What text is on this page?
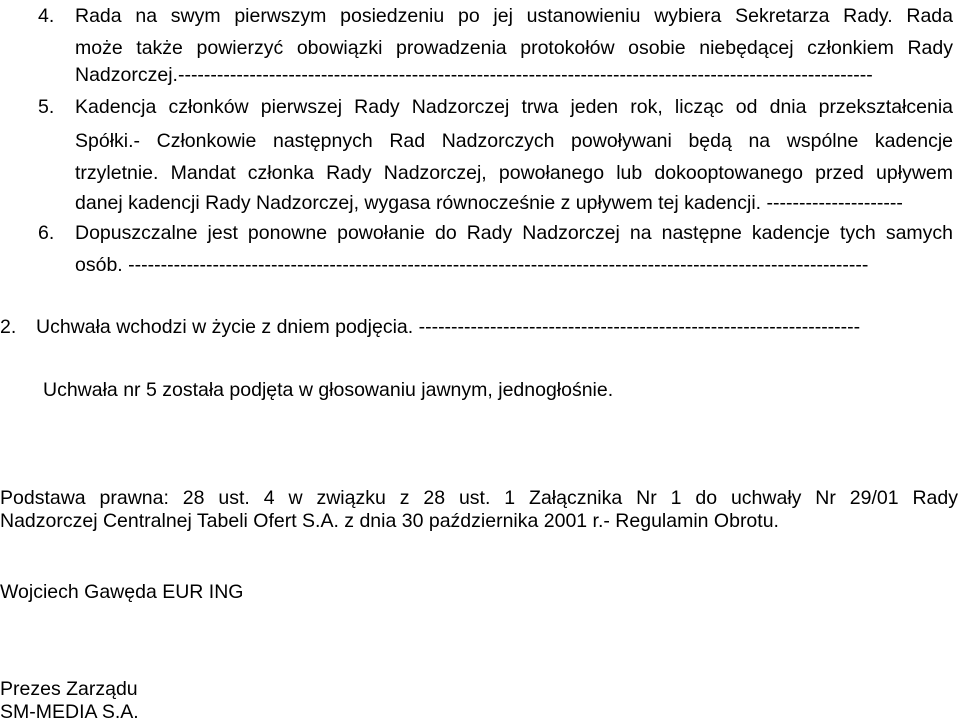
4. Rada na swym pierwszym posiedzeniu po jej ustanowieniu wybiera Sekretarza Rady. Rada
może także powierzyć obowiązki prowadzenia protokołów osobie niebędącej członkiem Rady
Nadzorczej.-----------------------------------------------------------------------------------------------------------
5. Kadencja członków pierwszej Rady Nadzorczej trwa jeden rok, licząc od dnia przekształcenia
Spółki.- Członkowie następnych Rad Nadzorczych powoływani będą na wspólne kadencje
trzyletnie. Mandat członka Rady Nadzorczej, powołanego lub dokooptowanego przed upływem
danej kadencji Rady Nadzorczej, wygasa równocześnie z upływem tej kadencji. ---------------------
6. Dopuszczalne jest ponowne powołanie do Rady Nadzorczej na następne kadencje tych samych
osób. ------------------------------------------------------------------------------------------------------------------
2. Uchwała wchodzi w życie z dniem podjęcia. --------------------------------------------------------------------
Uchwała nr 5 została podjęta w głosowaniu jawnym, jednogłośnie.
Podstawa prawna: 28 ust. 4 w związku z 28 ust. 1 Załącznika Nr 1 do uchwały Nr 29/01 Rady
Nadzorczej Centralnej Tabeli Ofert S.A. z dnia 30 października 2001 r.- Regulamin Obrotu.
Wojciech Gawęda EUR ING
Prezes Zarządu
SM-MEDIA S.A.
